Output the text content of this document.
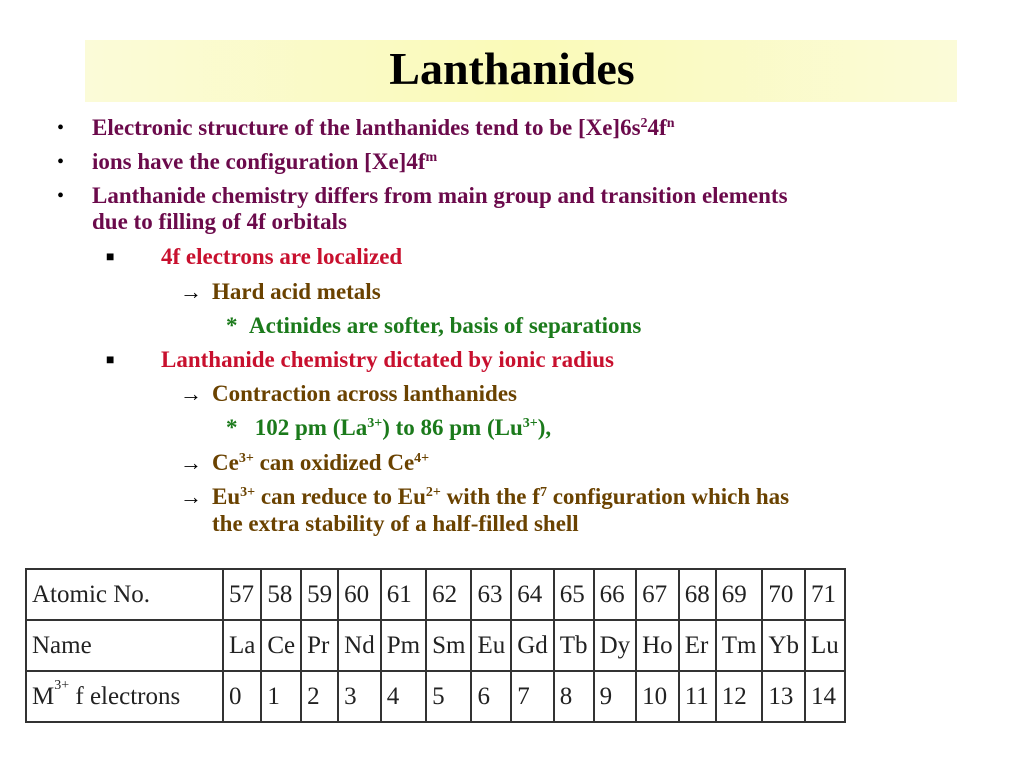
Lanthanides
• Electronic structure of the lanthanides tend to be $[Xe]6s^24f^n$
• ions have the configuration $[Xe]4f^m$
• Lanthanide chemistry differs from main group and transition elements
due to filling of 4f orbitals
■ 4f electrons are localized
→ Hard acid metals
* Actinides are softer, basis of separations
■ Lanthanide chemistry dictated by ionic radius
→ Contraction across lanthanides
* 102 pm $(La^{3+})$ to 86 pm $(Lu^{3+})$,
→ $Ce^{3+}$ can oxidized $Ce^{4+}$
→ $Eu^{3+}$ can reduce to $Eu^{2+}$ with the $f^7$ configuration which has
the extra stability of a half-filled shell
Atomic No.	57	58	59	60	61	62	63	64	65	66	67	68	69	70	71
Name	La	Ce	Pr	Nd	Pm	Sm	Eu	Gd	Tb	Dy	Ho	Er	Tm	Yb	Lu
$M^{3+}$ f electrons	0	1	2	3	4	5	6	7	8	9	10	11	12	13	14
